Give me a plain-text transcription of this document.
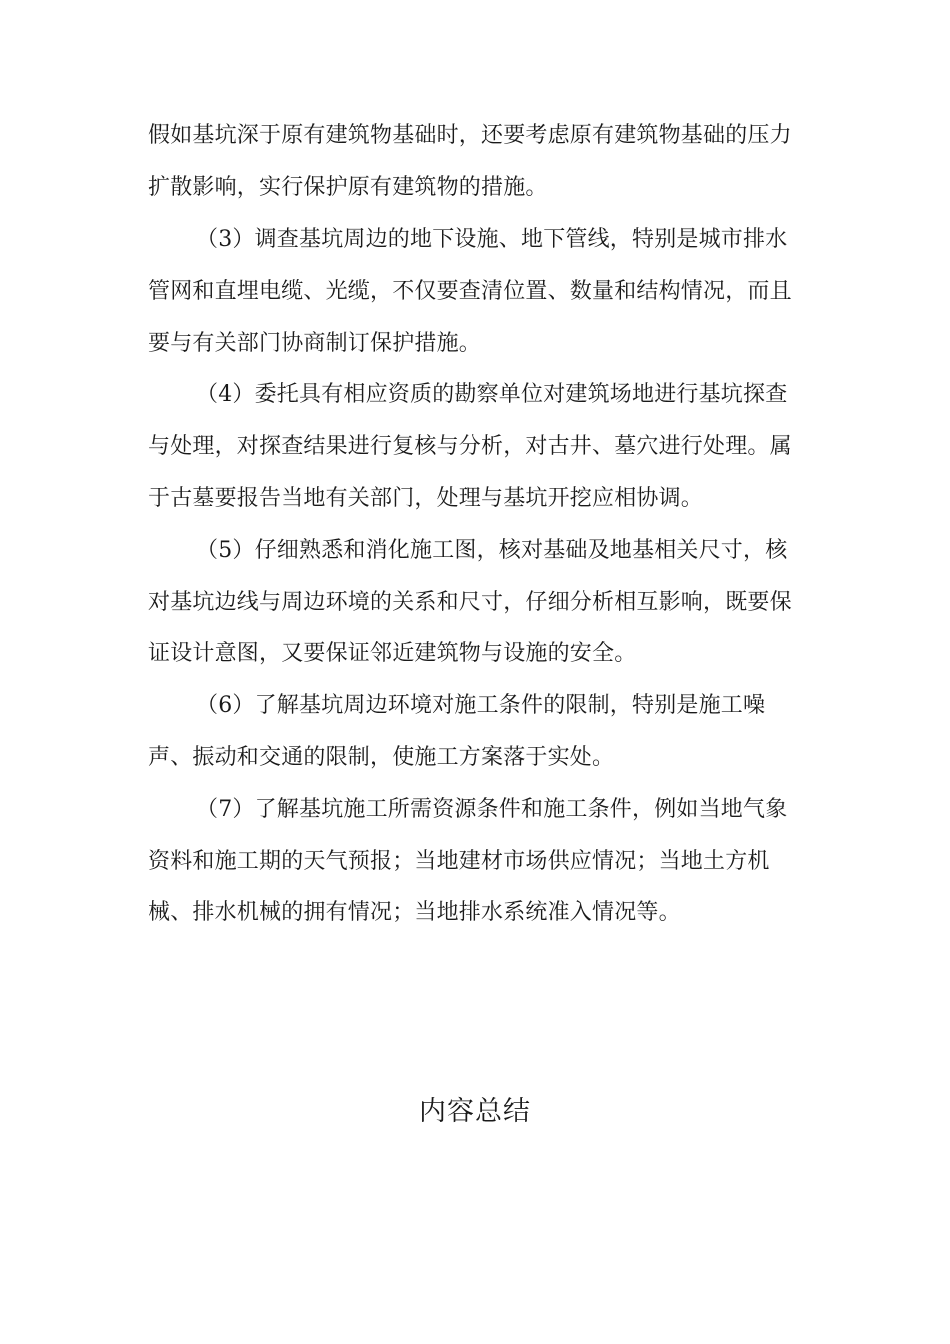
假如基坑深于原有建筑物基础时，还要考虑原有建筑物基础的压力
扩散影响，实行保护原有建筑物的措施。
（3）调查基坑周边的地下设施、地下管线，特别是城市排水
管网和直埋电缆、光缆，不仅要查清位置、数量和结构情况，而且
要与有关部门协商制订保护措施。
（4）委托具有相应资质的勘察单位对建筑场地进行基坑探查
与处理，对探查结果进行复核与分析，对古井、墓穴进行处理。属
于古墓要报告当地有关部门，处理与基坑开挖应相协调。
（5）仔细熟悉和消化施工图，核对基础及地基相关尺寸，核
对基坑边线与周边环境的关系和尺寸，仔细分析相互影响，既要保
证设计意图，又要保证邻近建筑物与设施的安全。
（6）了解基坑周边环境对施工条件的限制，特别是施工噪
声、振动和交通的限制，使施工方案落于实处。
（7）了解基坑施工所需资源条件和施工条件，例如当地气象
资料和施工期的天气预报；当地建材市场供应情况；当地土方机
械、排水机械的拥有情况；当地排水系统准入情况等。
内容总结
